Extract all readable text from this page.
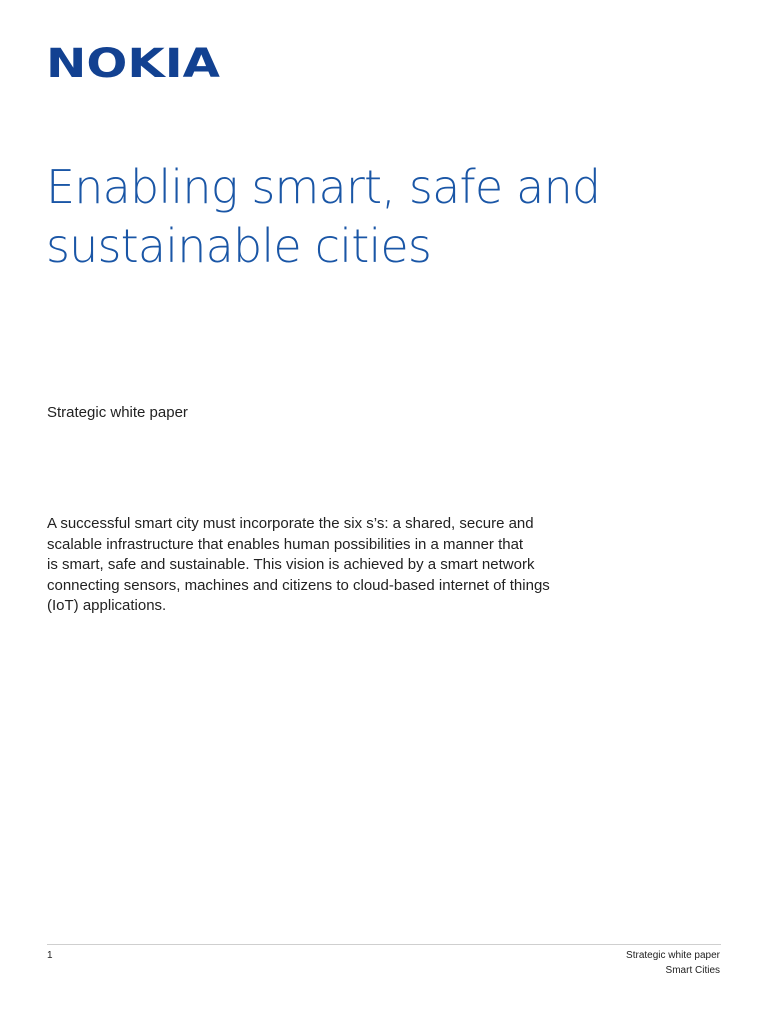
NOKIA
Enabling smart, safe and
sustainable cities
Strategic white paper
A successful smart city must incorporate the six s’s: a shared, secure and
scalable infrastructure that enables human possibilities in a manner that
is smart, safe and sustainable. This vision is achieved by a smart network
connecting sensors, machines and citizens to cloud-based internet of things
(IoT) applications.
1	Strategic white paper
Smart Cities
